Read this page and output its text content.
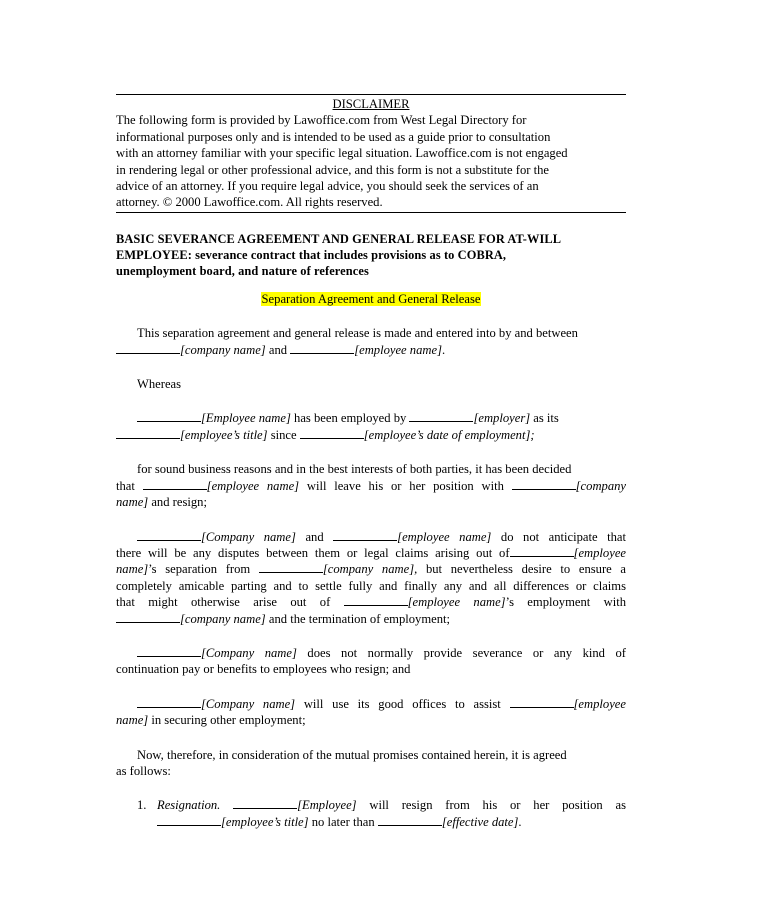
DISCLAIMER
The following form is provided by Lawoffice.com from West Legal Directory for
informational purposes only and is intended to be used as a guide prior to consultation
with an attorney familiar with your specific legal situation. Lawoffice.com is not engaged
in rendering legal or other professional advice, and this form is not a substitute for the
advice of an attorney. If you require legal advice, you should seek the services of an
attorney. © 2000 Lawoffice.com. All rights reserved.
BASIC SEVERANCE AGREEMENT AND GENERAL RELEASE FOR AT-WILL
EMPLOYEE: severance contract that includes provisions as to COBRA,
unemployment board, and nature of references
Separation Agreement and General Release
This separation agreement and general release is made and entered into by and between
[company name] and	[employee name].
Whereas
[Employee name] has been employed by	[employer] as its
[employee’s title] since	[employee’s date of employment];
for sound business reasons and in the best interests of both parties, it has been decided
that	[employee name] will leave his or her position with	[company
name] and resign;
[Company name] and	[employee name] do not anticipate that
there will be any disputes between them or legal claims arising out of	[employee
name]’s separation from	[company name], but nevertheless desire to ensure a
completely amicable parting and to settle fully and finally any and all differences or claims
that might otherwise arise out of	[employee name]’s employment with
[company name] and the termination of employment;
[Company name] does not normally provide severance or any kind of
continuation pay or benefits to employees who resign; and
[Company name] will use its good offices to assist	[employee
name] in securing other employment;
Now, therefore, in consideration of the mutual promises contained herein, it is agreed
as follows:
1. Resignation.	[Employee] will resign from his or her position as
[employee’s title] no later than	[effective date].
